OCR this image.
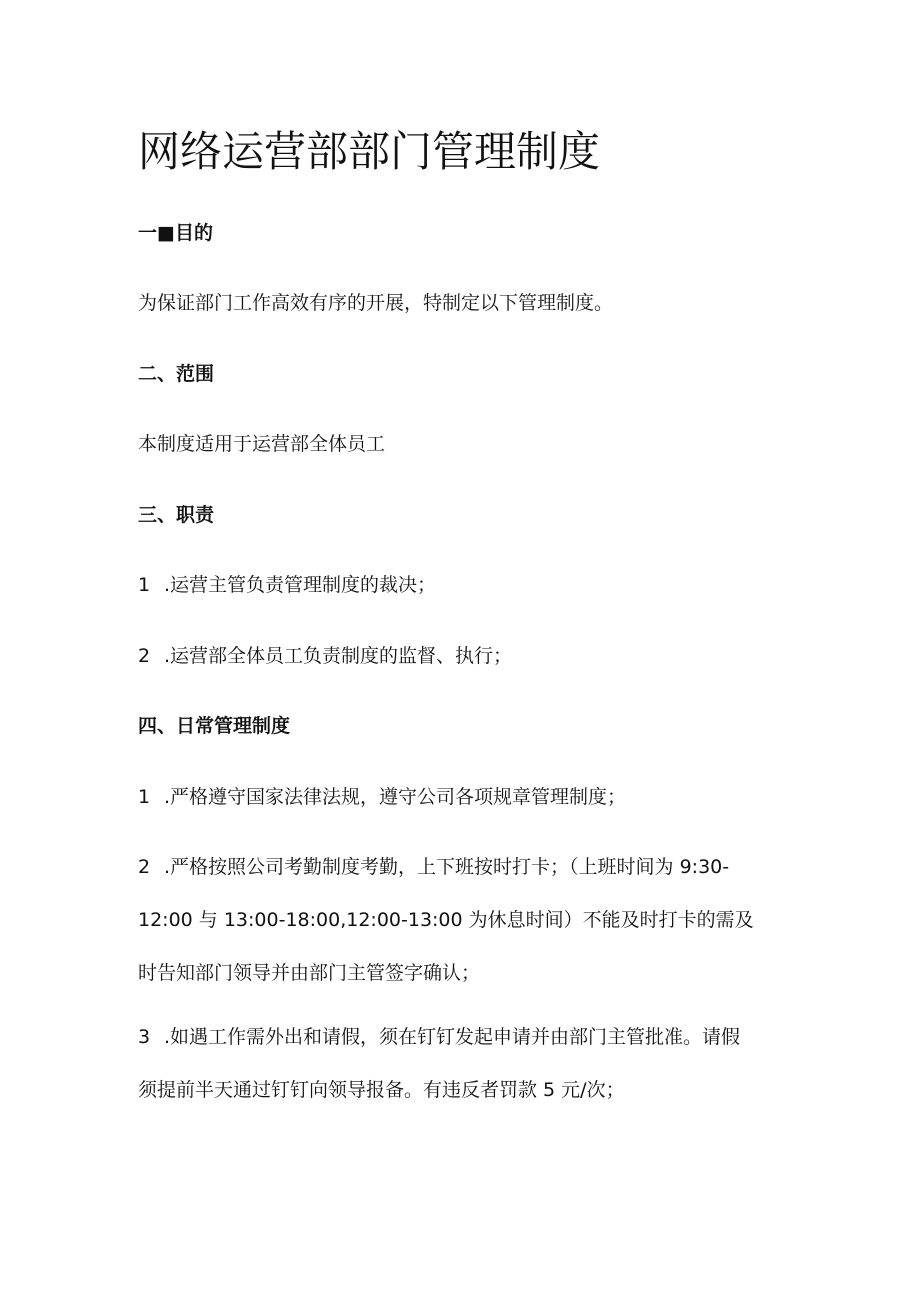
网络运营部部门管理制度
一■目的
为保证部门工作高效有序的开展，特制定以下管理制度。
二、范围
本制度适用于运营部全体员工
三、职责
1 .运营主管负责管理制度的裁决；
2 .运营部全体员工负责制度的监督、执行；
四、日常管理制度
1 .严格遵守国家法律法规，遵守公司各项规章管理制度；
2 .严格按照公司考勤制度考勤，上下班按时打卡；（上班时间为 9:30-
12:00 与 13:00-18:00,12:00-13:00 为休息时间）不能及时打卡的需及
时告知部门领导并由部门主管签字确认；
3 .如遇工作需外出和请假，须在钉钉发起申请并由部门主管批准。请假
须提前半天通过钉钉向领导报备。有违反者罚款 5 元/次；
